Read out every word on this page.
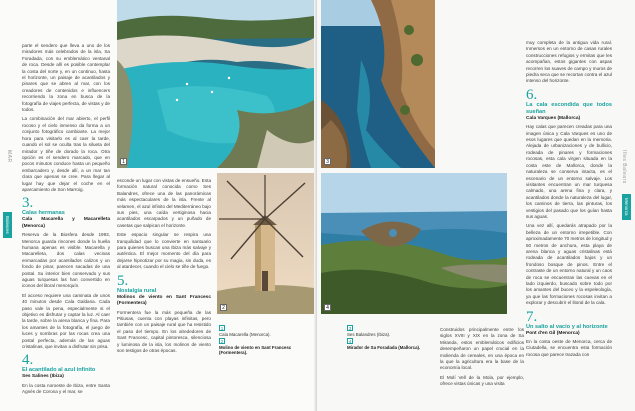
parte el sendero que lleva a uno de los miradores más celebrados de la isla, Sa Foradada, con su emblemático ventanal de roca. Desde allí es posible contemplar la costa del norte y, en un continuo, hasta el horizonte, un paisaje de acantilados y pinares que se abren al mar, con los creadores de contenidos e influencers recorriendo la zona en busca de la fotografía de viajes perfecta, de vistas y de todos.

La combinación del mar abierto, el perfil rocoso y el cielo inmenso da forma a un conjunto fotográfico cambiante. La mejor hora para visitarlo es al caer la tarde, cuando el sol se oculta tras la silueta del mirador y tiñe de dorado la roca. Otra opción es el sendero marcado, que en pocos minutos conduce hasta un pequeño embarcadero y, desde allí, a un mar tan clara que apenas se cree. Para llegar al lugar hay que dejar el coche en el aparcamiento de Son Marroig.

3.
Calas hermanas
Cala Macarella y Macarelleta (Menorca)

Reserva de la Biosfera desde 1993, Menorca guarda rincones donde la huella humana apenas es visible. Macarella y Macarelleta, dos calas vecinas enmarcadas por acantilados calizos y un fondo de pinar, parecen sacadas de una postal. Su interior bien conservado y sus aguas turquesas las han convertido en iconos del litoral menorquín.

El acceso requiere una caminata de unos 40 minutos desde Cala Galdana. Cada paso vale la pena, especialmente si el objetivo es disfrutar y captar la luz. Al caer la tarde, sobre la arena blanca y fina. Para los amantes de la fotografía, el juego de luces y sombras por las rocas crea una postal perfecta, además de las aguas cristalinas, que invitan a disfrutar sin prisa.

4.
El acantilado al azul infinito
Ses Salines (Ibiza)

En la costa noroeste de Ibiza, entre Santa Agnès de Corona y el mar, se

1
2

esconde un lugar con vistas de ensueño. Esta formación natural conocida como Ses Balandres, ofrece una de las panorámicas más espectaculares de la isla. Frente al velamen, el azul infinito del Mediterráneo bajo sus pies, una caída vertiginosa hacia acantilados escarpados y un puñado de casetas que salpican el horizonte.

Este espacio singular se respira una tranquilidad que lo convierte en santuario para quienes buscan una Ibiza más salvaje y auténtica. El mejor momento del día para dejarse hipnotizar por su magia, sin duda, es al atardecer, cuando el cielo se tiñe de fuego.

5.
Nostalgia rural
Molinos de viento en Sant Francesc (Formentera)

Formentera fue la más pequeña de las Pitiusas, cuenta con playas infinitas, pero también con un paisaje rural que ha resistido el paso del tiempo. En los alrededores de Sant Francesc, capital pintoresca, silenciosa y luminosa de la isla, los molinos de viento son testigos de otras épocas.

1
Cala Macarella (Menorca).
2
Molino de viento en Sant Francesc (Formentera).
MAR
Baleares
3
4
3
Ses Balandres (Ibiza).
4
Mirador de Sa Foradada (Mallorca).

Construidos principalmente entre los siglos XVIII y XIX en la zona de Sa Miranda, estos emblemáticos edificios desempeñaron un papel crucial en la molienda de cereales, en una época en la que la agricultura era la base de la economía local.

El Molí Vell de la Mola, por ejemplo, ofrece vistas únicas y una visita

muy completa de la antigua vida rural. Inmersos en un entorno de casas rurales construcciones refugios y ermitas que les acompañan, estos gigantes con aspas recorren los suaves de campo y muros de piedra seca que se recortan contra el azul intenso del horizonte.

6.
La cala escondida que todos sueñan
Cala Varques (Mallorca)

Hay calas que parecen creadas para una imagen única y Cala Varques es uno de esos lugares que quedan en la memoria. Alejada de urbanizaciones y de bullicio, rodeada de pinares y formaciones rocosas, esta cala virgen situada en la costa este de Mallorca, donde la naturaleza se conserva intacta, es el escenario de un entorno salvaje. Los visitantes encuentran un mar turquesa calmado, una arena fina y clara, y acantilados donde la naturaleza del lugar, los caminos de tierra, las pinturas, los vestigios del pasado que los guían hasta sus aguas.

Una vez allí, quedarás atrapado por la belleza de un entorno irrepetible. Con aproximadamente 70 metros de longitud y 50 metros de anchura, esta playa de arena blanca y aguas cristalinas está rodeada de acantilados bajos y un frondoso bosque de pinos. Entre el contraste de un entorno natural y un caos de roca se encuentran las cuevas en el lado izquierdo, buscado sobre todo por los amantes del buceo y la espeleología, ya que las formaciones rocosas invitan a explorar y descubrir el litoral de la cala.

7.
Un salto al vacío y al horizonte
Pont d'en Gil (Menorca)

En la costa oeste de Menorca, cerca de Ciutadella, se encuentra esta formación rocosa que parece trazada con

Illes Balears
Menorca
